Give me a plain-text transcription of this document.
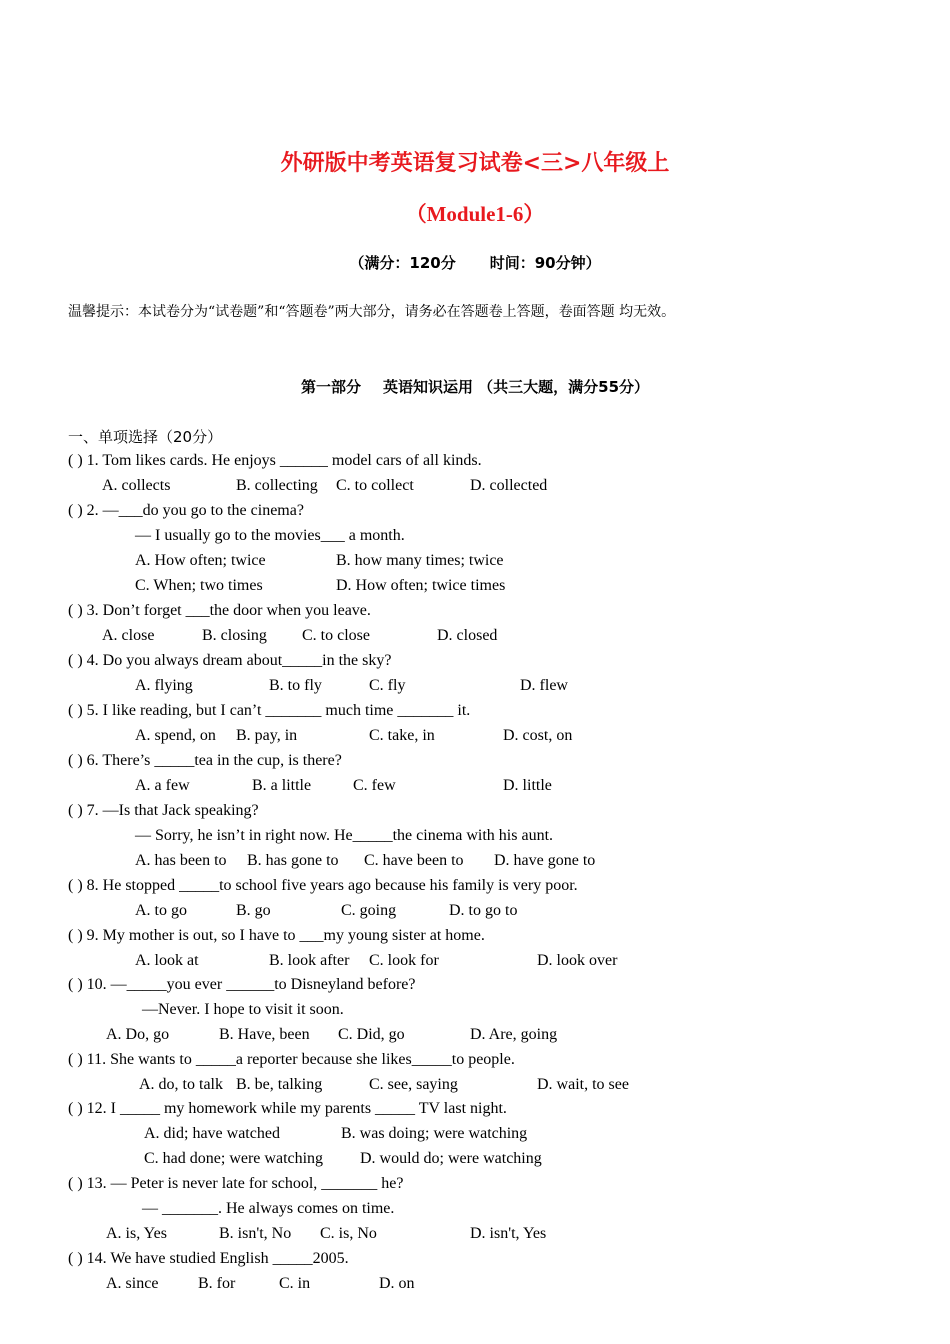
外研版中考英语复习试卷<三>八年级上
（Module1-6）
（满分：120分 时间：90分钟）
温馨提示：本试卷分为“试卷题”和“答题卷”两大部分，请务必在答题卷上答题，卷面答题 均无效。
第一部分 英语知识运用 （共三大题，满分55分）
一、单项选择（20分）
( ) 1. Tom likes cards. He enjoys ______ model cars of all kinds.
A. collects	B. collecting C. to collect	D. collected
( ) 2. —___do you go to the cinema?
— I usually go to the movies___ a month.
A. How often; twice	B. how many times; twice
C. When; two times	D. How often; twice times
( ) 3. Don’t forget ___the door when you leave.
A. close	B. closing C. to close	D. closed
( ) 4. Do you always dream about_____in the sky?
A. flying	B. to fly	C. fly	D. flew
( ) 5. I like reading, but I can’t _______ much time _______ it.
A. spend, on B. pay, in	C. take, in	D. cost, on
( ) 6. There’s _____tea in the cup, is there?
A. a few	B. a little	C. few	D. little
( ) 7. —Is that Jack speaking?
— Sorry, he isn’t in right now. He_____the cinema with his aunt.
A. has been to B. has gone to C. have been to D. have gone to
( ) 8. He stopped _____to school five years ago because his family is very poor.
A. to go	B. go	C. going	D. to go to
( ) 9. My mother is out, so I have to ___my young sister at home.
A. look at	B. look after C. look for	D. look over
( ) 10. —_____you ever ______to Disneyland before?
—Never. I hope to visit it soon.
A. Do, go	B. Have, been C. Did, go	D. Are, going
( ) 11. She wants to _____a reporter because she likes_____to people.
A. do, to talk B. be, talking	C. see, saying	D. wait, to see
( ) 12. I _____ my homework while my parents _____ TV last night.
A. did; have watched	B. was doing; were watching
C. had done; were watching D. would do; were watching
( ) 13. — Peter is never late for school, _______ he?
— _______. He always comes on time.
A. is, Yes	B. isn't, No C. is, No	D. isn't, Yes
( ) 14. We have studied English _____2005.
A. since B. for	C. in	D. on
